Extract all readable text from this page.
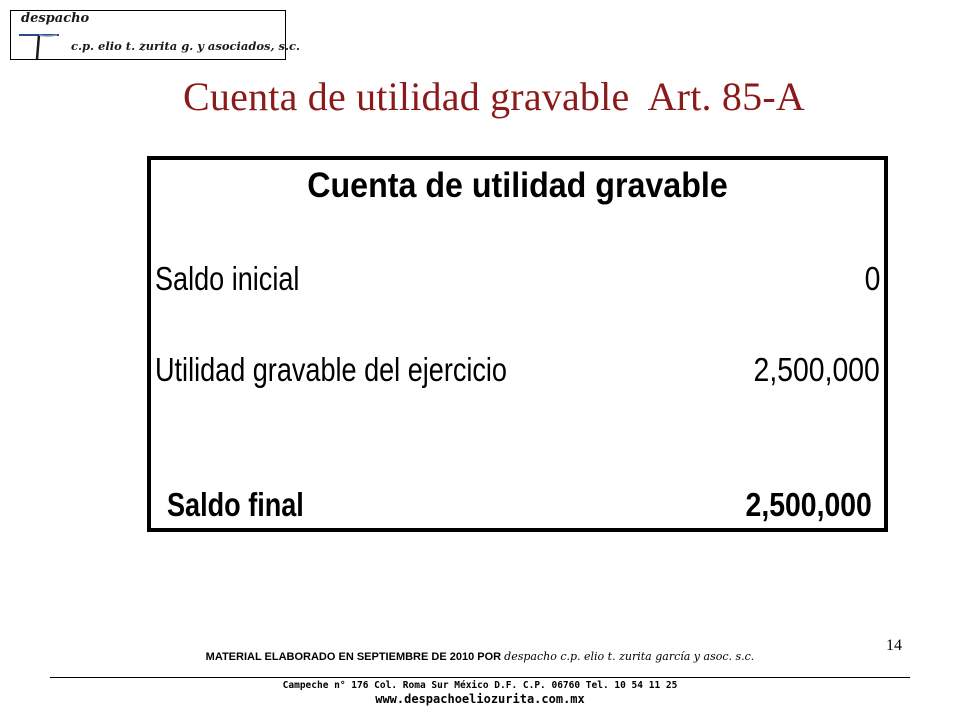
despacho
c.p. elio t. zurita g. y asociados, s.c.
Cuenta de utilidad gravable  Art. 85-A
Cuenta de utilidad gravable
Saldo inicial	0
Utilidad gravable del ejercicio	2,500,000
Saldo final	2,500,000
14
MATERIAL ELABORADO EN SEPTIEMBRE DE 2010 POR despacho c.p. elio t. zurita garcía y asoc. s.c.
Campeche n° 176 Col. Roma Sur México D.F. C.P. 06760 Tel. 10 54 11 25
www.despachoeliozurita.com.mx
